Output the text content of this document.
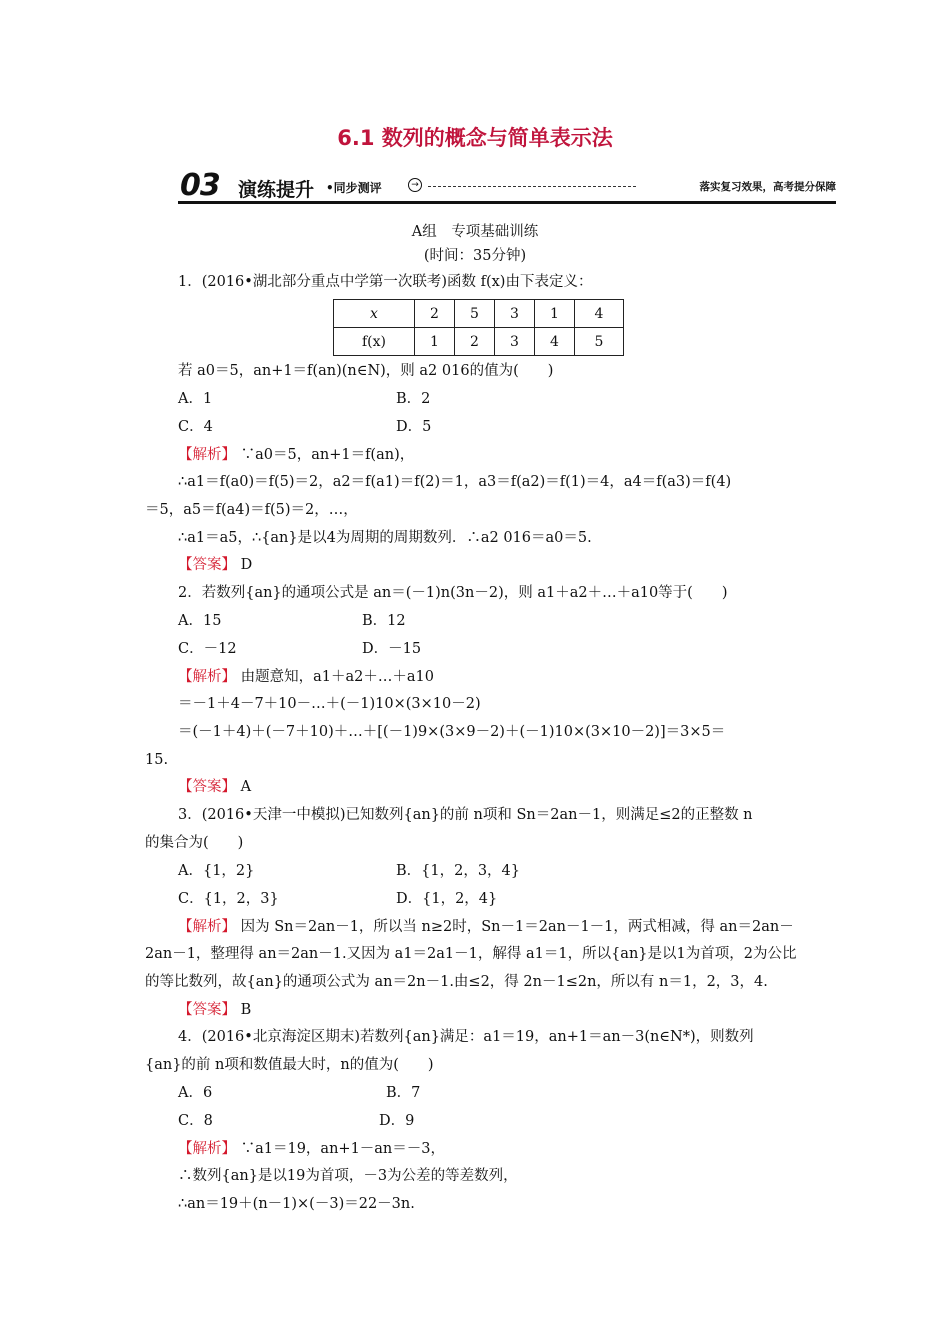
6.1 数列的概念与简单表示法
03 演练提升 •同步测评	→	落实复习效果，高考提分保障
A组　专项基础训练
(时间：35分钟)
1．(2016•湖北部分重点中学第一次联考)函数 f(x)由下表定义：
x	2	5	3	1	4
f(x)	1	2	3	4	5
若 a0＝5，an+1＝f(an)(n∈N)，则 a2 016的值为(　　)
A．1	B．2
C．4	D．5
【解析】 ∵a0＝5，an+1＝f(an)，
∴a1＝f(a0)＝f(5)＝2，a2＝f(a1)＝f(2)＝1，a3＝f(a2)＝f(1)＝4，a4＝f(a3)＝f(4)
＝5，a5＝f(a4)＝f(5)＝2，…，
∴a1＝a5，∴{an}是以4为周期的周期数列．∴a2 016＝a0＝5.
【答案】 D
2．若数列{an}的通项公式是 an＝(－1)n(3n－2)，则 a1＋a2＋…＋a10等于(　　)
A．15	B．12
C．－12	D．－15
【解析】 由题意知，a1＋a2＋…＋a10
＝－1＋4－7＋10－…＋(－1)10×(3×10－2)
＝(－1＋4)＋(－7＋10)＋…＋[(－1)9×(3×9－2)＋(－1)10×(3×10－2)]＝3×5＝
15.
【答案】 A
3．(2016•天津一中模拟)已知数列{an}的前 n项和 Sn＝2an－1，则满足≤2的正整数 n
的集合为(　　)
A．{1，2}	B．{1，2，3，4}
C．{1，2，3}	D．{1，2，4}
【解析】 因为 Sn＝2an－1，所以当 n≥2时，Sn－1＝2an－1－1，两式相减，得 an＝2an－
2an－1，整理得 an＝2an－1.又因为 a1＝2a1－1，解得 a1＝1，所以{an}是以1为首项，2为公比
的等比数列，故{an}的通项公式为 an＝2n－1.由≤2，得 2n－1≤2n，所以有 n＝1，2，3，4.
【答案】 B
4．(2016•北京海淀区期末)若数列{an}满足：a1＝19，an+1＝an－3(n∈N*)，则数列
{an}的前 n项和数值最大时，n的值为(　　)
A．6	B．7
C．8	D．9
【解析】 ∵a1＝19，an+1－an＝－3，
∴数列{an}是以19为首项，－3为公差的等差数列，
∴an＝19＋(n－1)×(－3)＝22－3n.
